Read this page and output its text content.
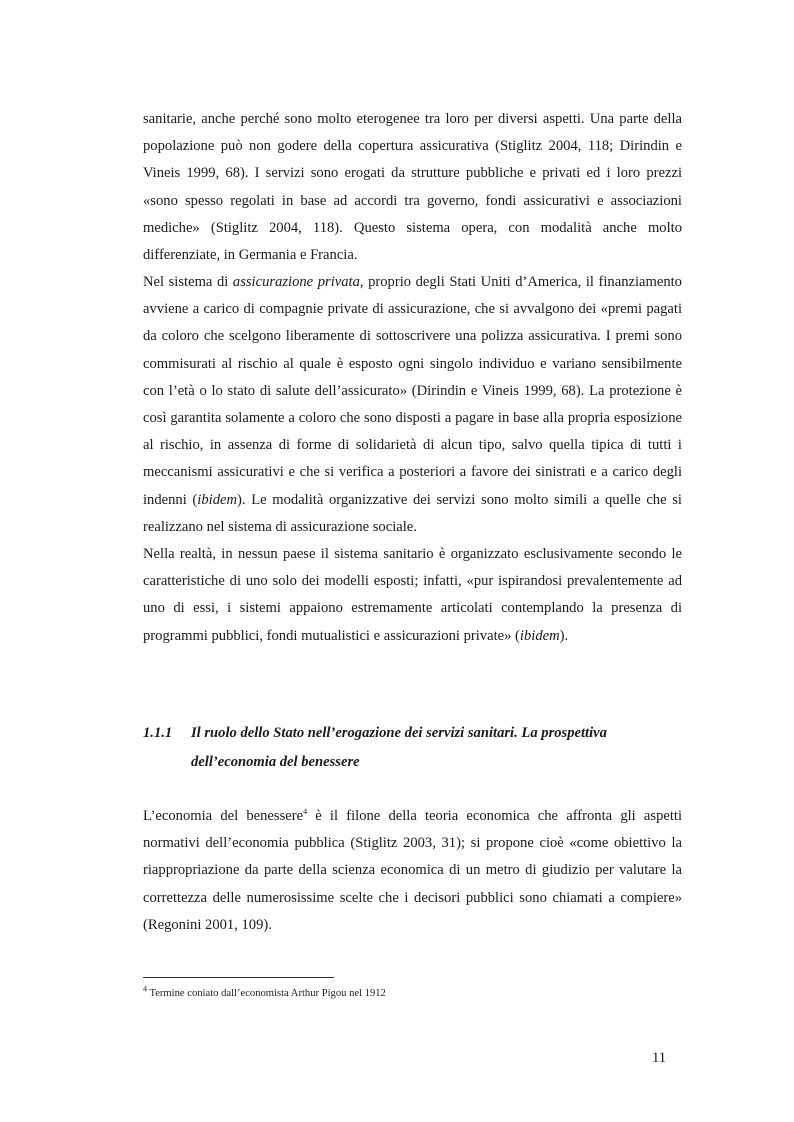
sanitarie, anche perché sono molto eterogenee tra loro per diversi aspetti. Una parte della popolazione può non godere della copertura assicurativa (Stiglitz 2004, 118; Dirindin e Vineis 1999, 68). I servizi sono erogati da strutture pubbliche e privati ed i loro prezzi «sono spesso regolati in base ad accordi tra governo, fondi assicurativi e associazioni mediche» (Stiglitz 2004, 118). Questo sistema opera, con modalità anche molto differenziate, in Germania e Francia.
Nel sistema di assicurazione privata, proprio degli Stati Uniti d’America, il finanziamento avviene a carico di compagnie private di assicurazione, che si avvalgono dei «premi pagati da coloro che scelgono liberamente di sottoscrivere una polizza assicurativa. I premi sono commisurati al rischio al quale è esposto ogni singolo individuo e variano sensibilmente con l’età o lo stato di salute dell’assicurato» (Dirindin e Vineis 1999, 68). La protezione è così garantita solamente a coloro che sono disposti a pagare in base alla propria esposizione al rischio, in assenza di forme di solidarietà di alcun tipo, salvo quella tipica di tutti i meccanismi assicurativi e che si verifica a posteriori a favore dei sinistrati e a carico degli indenni (ibidem). Le modalità organizzative dei servizi sono molto simili a quelle che si realizzano nel sistema di assicurazione sociale.
Nella realtà, in nessun paese il sistema sanitario è organizzato esclusivamente secondo le caratteristiche di uno solo dei modelli esposti; infatti, «pur ispirandosi prevalentemente ad uno di essi, i sistemi appaiono estremamente articolati contemplando la presenza di programmi pubblici, fondi mutualistici e assicurazioni private» (ibidem).
1.1.1	Il ruolo dello Stato nell’erogazione dei servizi sanitari. La prospettiva dell’economia del benessere
L’economia del benessere$^4$ è il filone della teoria economica che affronta gli aspetti normativi dell’economia pubblica (Stiglitz 2003, 31); si propone cioè «come obiettivo la riappropriazione da parte della scienza economica di un metro di giudizio per valutare la correttezza delle numerosissime scelte che i decisori pubblici sono chiamati a compiere» (Regonini 2001, 109).
$^4$ Termine coniato dall’economista Arthur Pigou nel 1912
11
